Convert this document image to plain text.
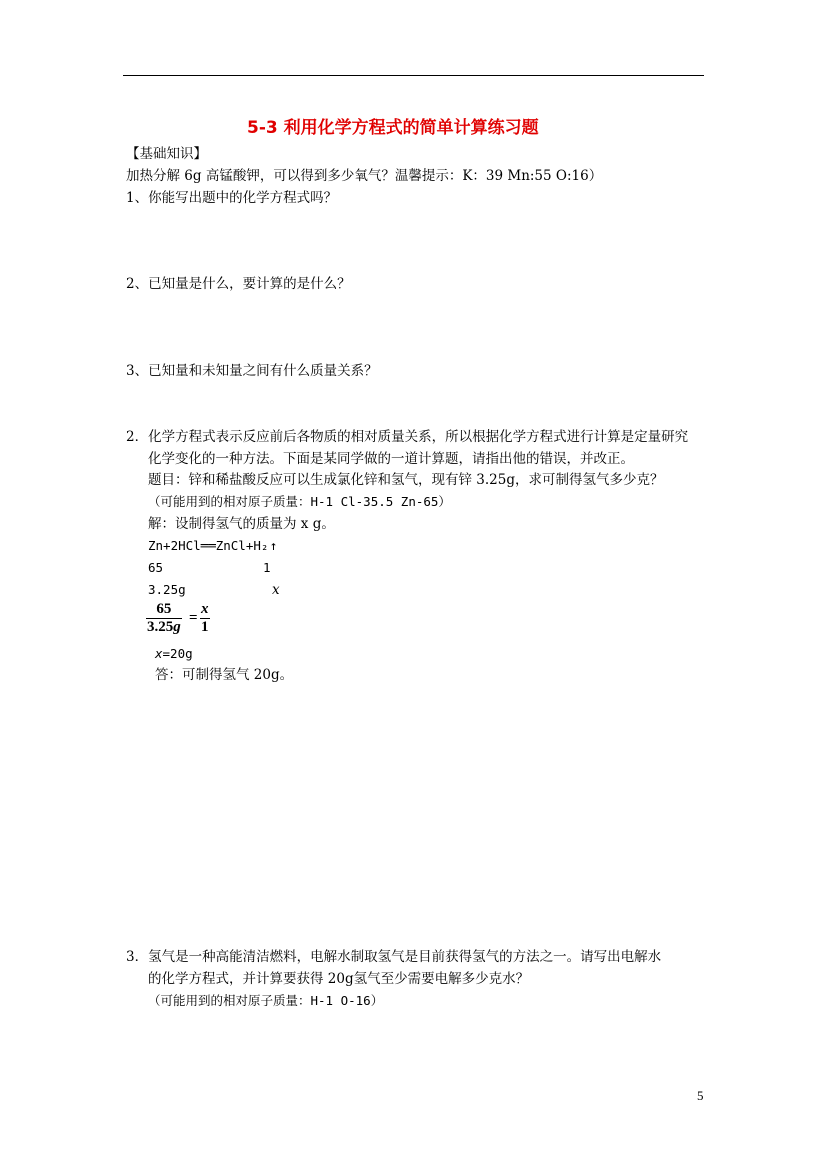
5-3 利用化学方程式的简单计算练习题
【基础知识】
加热分解 6g 高锰酸钾，可以得到多少氧气？温馨提示：K：39 Mn:55 O:16）
1、你能写出题中的化学方程式吗？
2、已知量是什么，要计算的是什么？
3、已知量和未知量之间有什么质量关系？
2．化学方程式表示反应前后各物质的相对质量关系，所以根据化学方程式进行计算是定量研究
化学变化的一种方法。下面是某同学做的一道计算题，请指出他的错误，并改正。
题目：锌和稀盐酸反应可以生成氯化锌和氢气，现有锌 3.25g，求可制得氢气多少克？
（可能用到的相对原子质量：H-1 Cl-35.5 Zn-65）
解：设制得氢气的质量为 x g。
Zn+2HCl══ZnCl+H₂↑
65	1
3.25g	x
65
3.25g
=
x
1
x=20g
答：可制得氢气 20g。
3．氢气是一种高能清洁燃料，电解水制取氢气是目前获得氢气的方法之一。请写出电解水
的化学方程式，并计算要获得 20g氢气至少需要电解多少克水？
（可能用到的相对原子质量：H-1 O-16）
5
